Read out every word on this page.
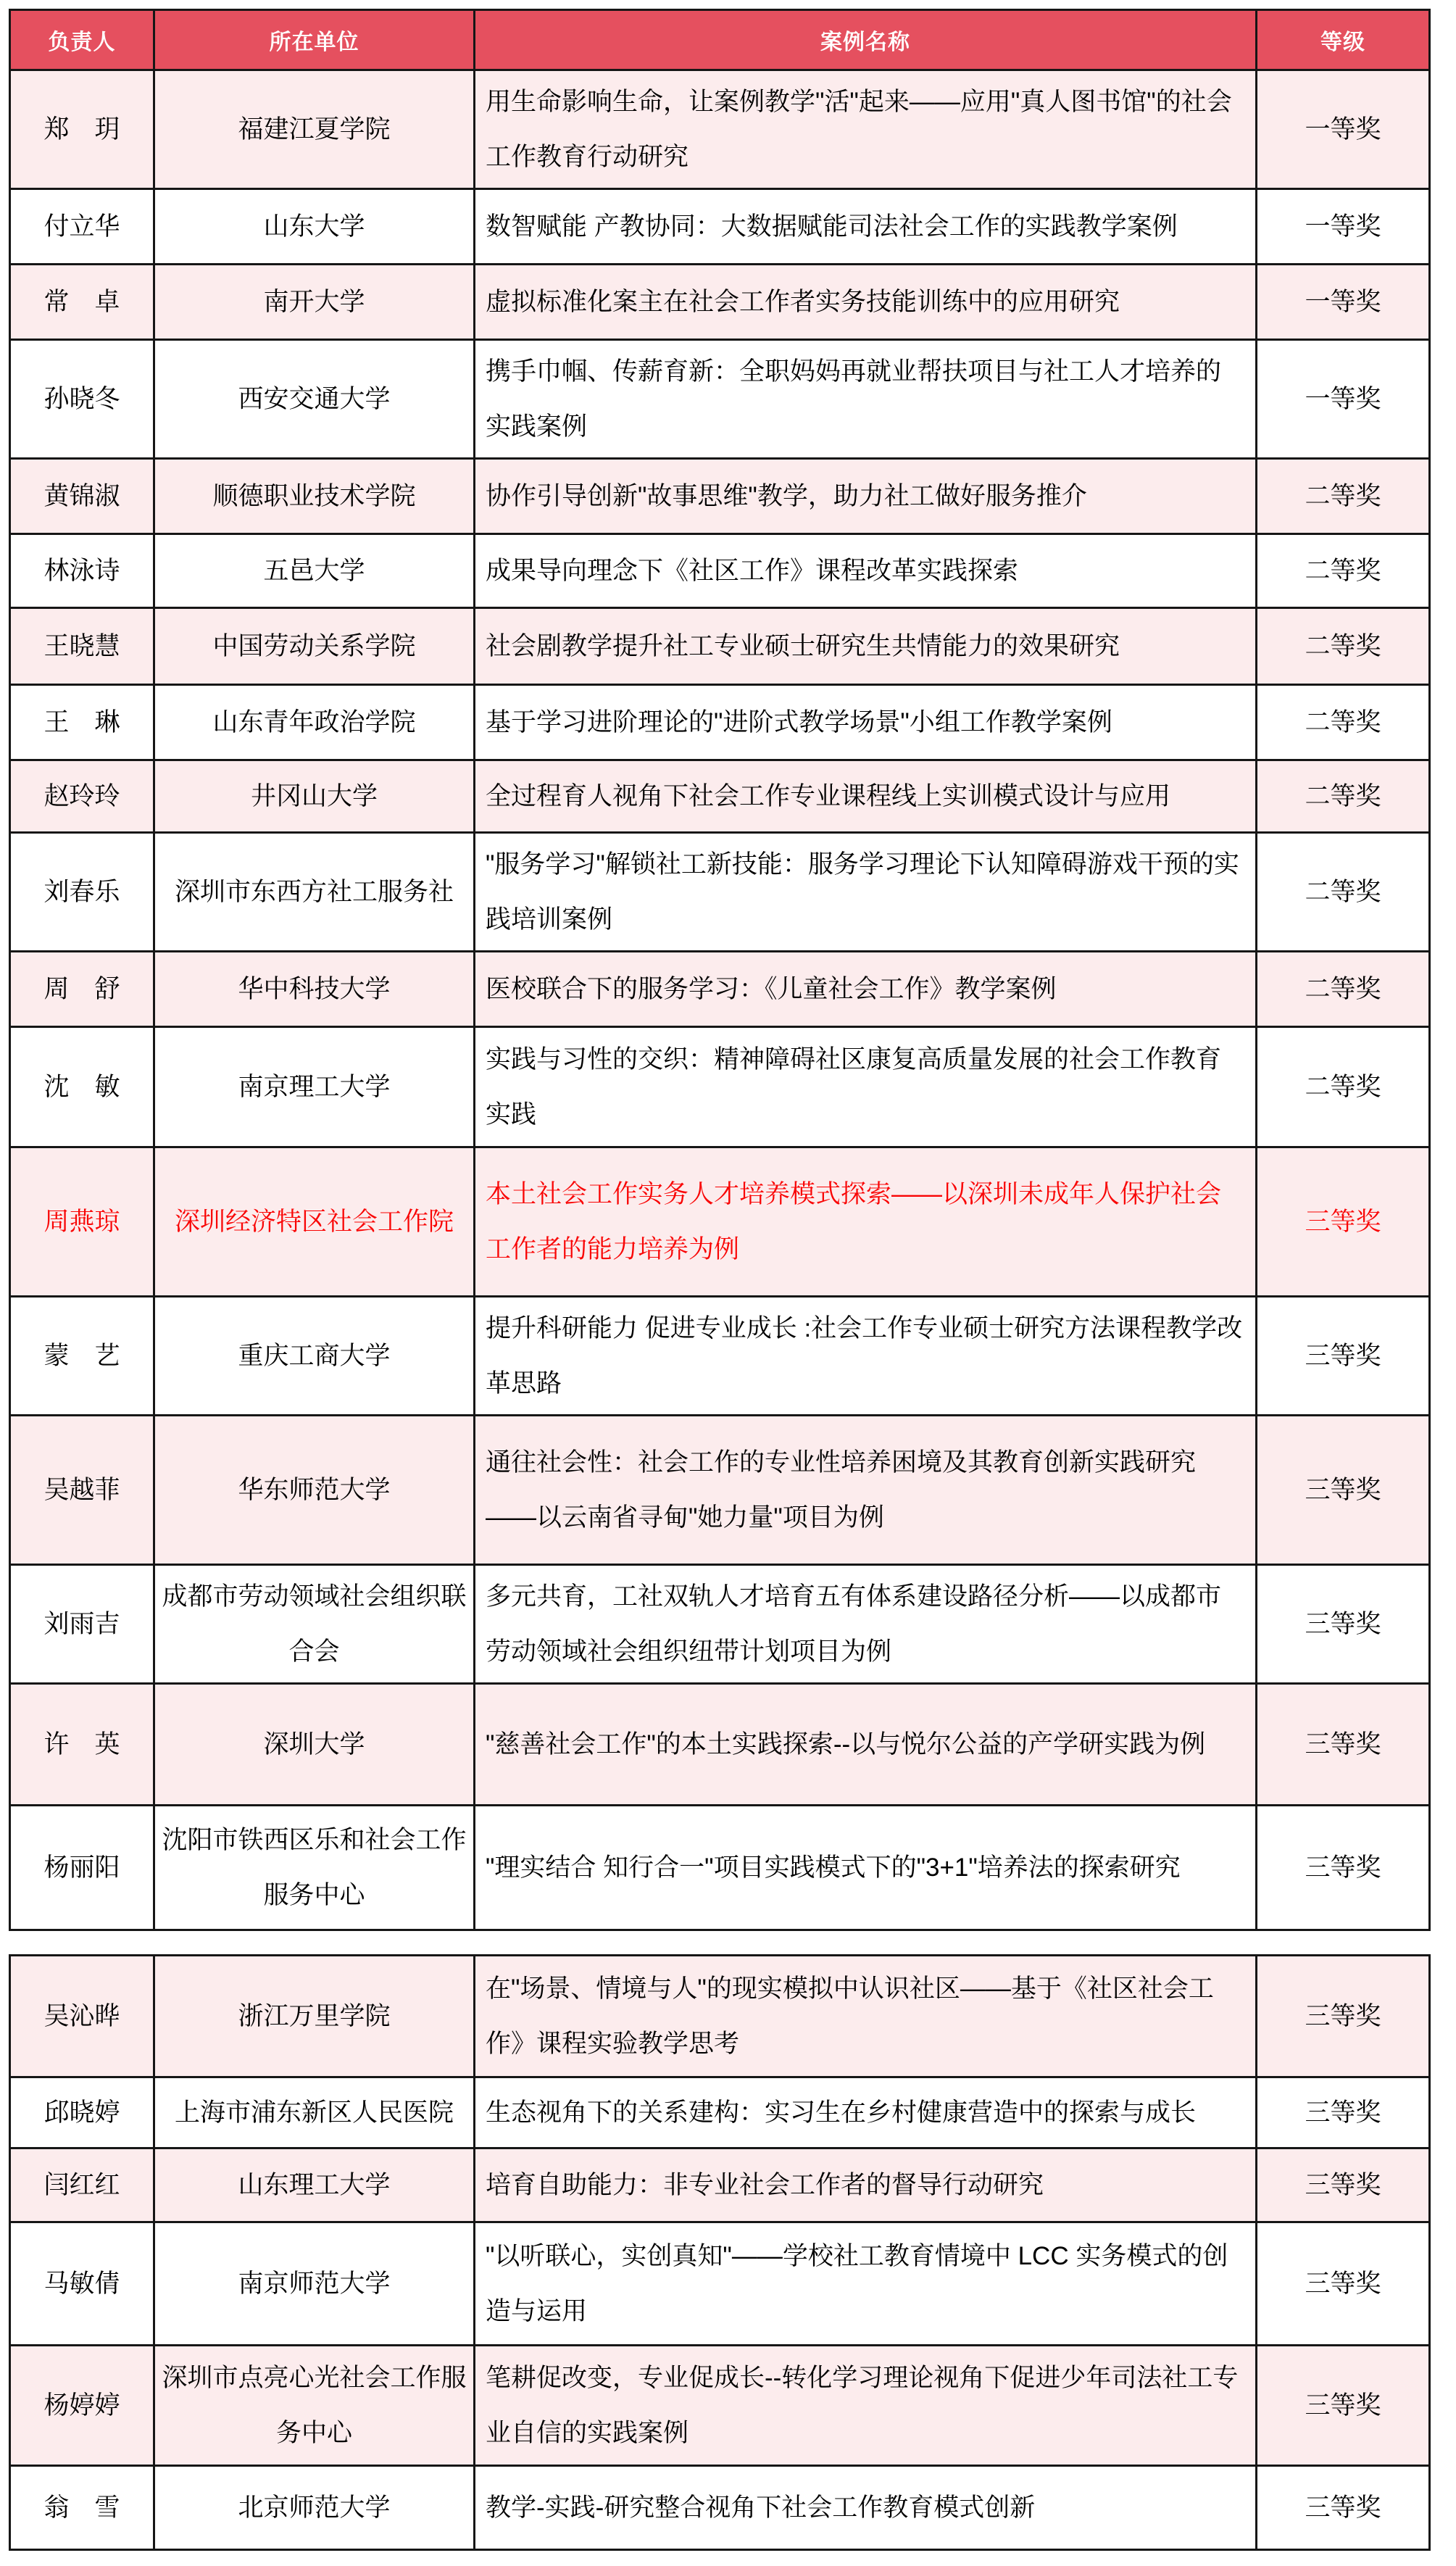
负责人	所在单位	案例名称	等级
郑　玥	福建江夏学院	用生命影响生命，让案例教学"活"起来——应用"真人图书馆"的社会工作教育行动研究	一等奖
付立华	山东大学	数智赋能 产教协同：大数据赋能司法社会工作的实践教学案例	一等奖
常　卓	南开大学	虚拟标准化案主在社会工作者实务技能训练中的应用研究	一等奖
孙晓冬	西安交通大学	携手巾帼、传薪育新：全职妈妈再就业帮扶项目与社工人才培养的实践案例	一等奖
黄锦淑	顺德职业技术学院	协作引导创新"故事思维"教学，助力社工做好服务推介	二等奖
林泳诗	五邑大学	成果导向理念下《社区工作》课程改革实践探索	二等奖
王晓慧	中国劳动关系学院	社会剧教学提升社工专业硕士研究生共情能力的效果研究	二等奖
王　琳	山东青年政治学院	基于学习进阶理论的"进阶式教学场景"小组工作教学案例	二等奖
赵玲玲	井冈山大学	全过程育人视角下社会工作专业课程线上实训模式设计与应用	二等奖
刘春乐	深圳市东西方社工服务社	"服务学习"解锁社工新技能：服务学习理论下认知障碍游戏干预的实践培训案例	二等奖
周　舒	华中科技大学	医校联合下的服务学习：《儿童社会工作》教学案例	二等奖
沈　敏	南京理工大学	实践与习性的交织：精神障碍社区康复高质量发展的社会工作教育实践	二等奖
周燕琼	深圳经济特区社会工作院	本土社会工作实务人才培养模式探索——以深圳未成年人保护社会工作者的能力培养为例	三等奖
蒙　艺	重庆工商大学	提升科研能力 促进专业成长 :社会工作专业硕士研究方法课程教学改革思路	三等奖
吴越菲	华东师范大学	通往社会性：社会工作的专业性培养困境及其教育创新实践研究——以云南省寻甸"她力量"项目为例	三等奖
刘雨吉	成都市劳动领域社会组织联合会	多元共育，工社双轨人才培育五有体系建设路径分析——以成都市劳动领域社会组织纽带计划项目为例	三等奖
许　英	深圳大学	"慈善社会工作"的本土实践探索--以与悦尔公益的产学研实践为例	三等奖
杨丽阳	沈阳市铁西区乐和社会工作服务中心	"理实结合 知行合一"项目实践模式下的"3+1"培养法的探索研究	三等奖
吴沁晔	浙江万里学院	在"场景、情境与人"的现实模拟中认识社区——基于《社区社会工作》课程实验教学思考	三等奖
邱晓婷	上海市浦东新区人民医院	生态视角下的关系建构：实习生在乡村健康营造中的探索与成长	三等奖
闫红红	山东理工大学	培育自助能力：非专业社会工作者的督导行动研究	三等奖
马敏倩	南京师范大学	"以听联心，实创真知"——学校社工教育情境中 LCC 实务模式的创造与运用	三等奖
杨婷婷	深圳市点亮心光社会工作服务中心	笔耕促改变，专业促成长--转化学习理论视角下促进少年司法社工专业自信的实践案例	三等奖
翁　雪	北京师范大学	教学-实践-研究整合视角下社会工作教育模式创新	三等奖
